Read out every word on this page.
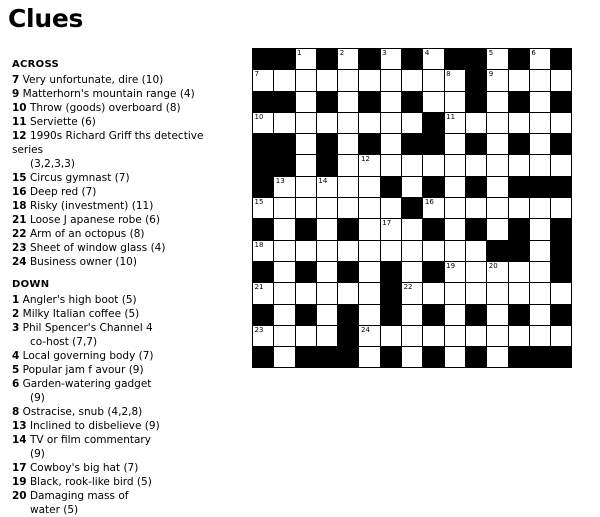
Clues
ACROSS
7 Very unfortunate, dire (10)
9 Matterhorn's mountain range (4)
10 Throw (goods) overboard (8)
11 Serviette (6)
12 1990s Richard Griff ths detective series
(3,2,3,3)
15 Circus gymnast (7)
16 Deep red (7)
18 Risky (investment) (11)
21 Loose J apanese robe (6)
22 Arm of an octopus (8)
23 Sheet of window glass (4)
24 Business owner (10)
DOWN
1 Angler's high boot (5)
2 Milky Italian coffee (5)
3 Phil Spencer's Channel 4
co-host (7,7)
4 Local governing body (7)
5 Popular jam f avour (9)
6 Garden-watering gadget
(9)
8 Ostracise, snub (4,2,8)
13 Inclined to disbelieve (9)
14 TV or film commentary
(9)
17 Cowboy's big hat (7)
19 Black, rook-like bird (5)
20 Damaging mass of
water (5)

		1		2		3		4			5		6	

7									8		9			

10									11					

					12									

	13		14											

15								16						

						17								

18														

									19		20			

21							22							

23					24									
